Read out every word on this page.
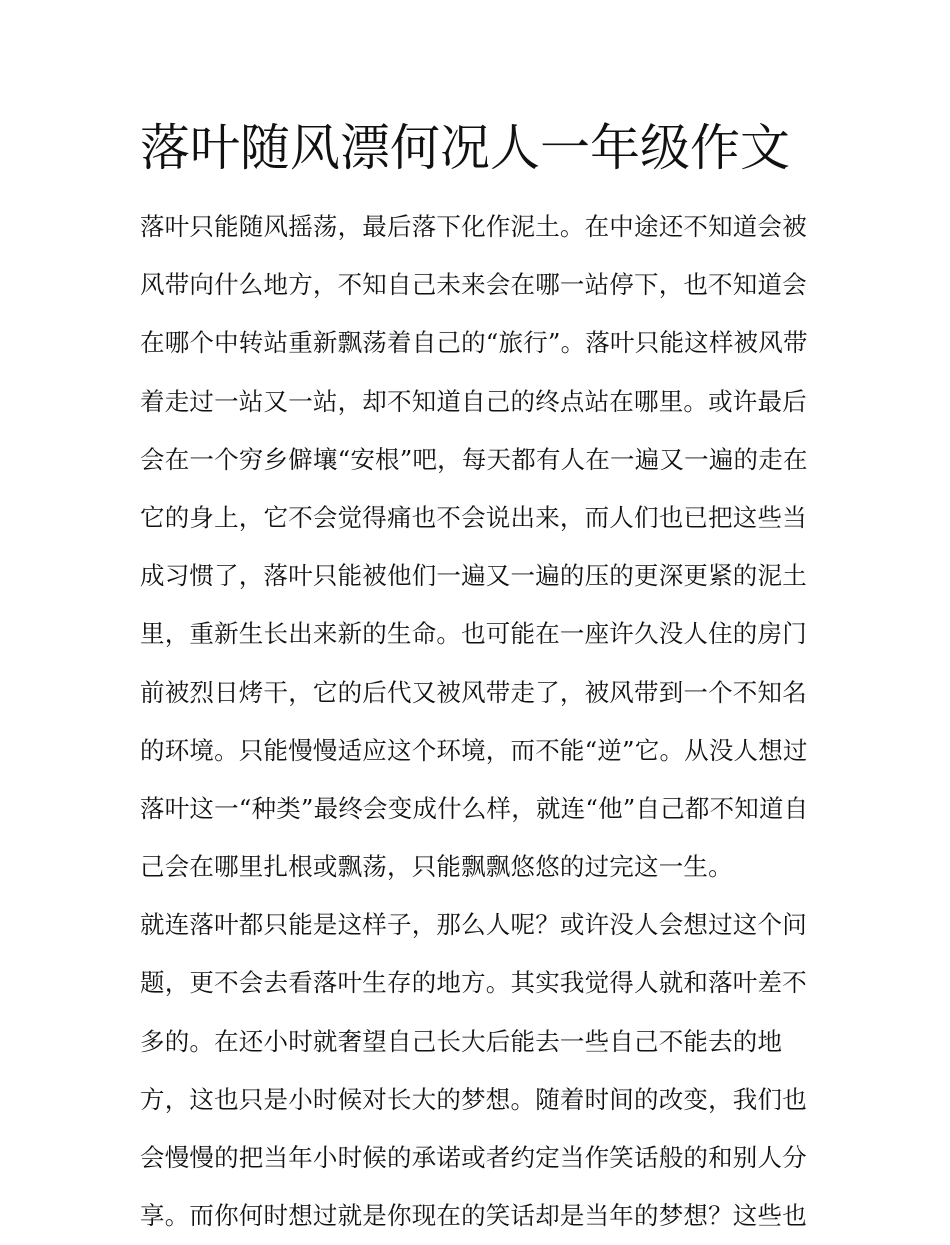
落叶随风漂何况人一年级作文
落叶只能随风摇荡，最后落下化作泥土。在中途还不知道会被
风带向什么地方，不知自己未来会在哪一站停下，也不知道会
在哪个中转站重新飘荡着自己的“旅行”。落叶只能这样被风带
着走过一站又一站，却不知道自己的终点站在哪里。或许最后
会在一个穷乡僻壤“安根”吧，每天都有人在一遍又一遍的走在
它的身上，它不会觉得痛也不会说出来，而人们也已把这些当
成习惯了，落叶只能被他们一遍又一遍的压的更深更紧的泥土
里，重新生长出来新的生命。也可能在一座许久没人住的房门
前被烈日烤干，它的后代又被风带走了，被风带到一个不知名
的环境。只能慢慢适应这个环境，而不能“逆”它。从没人想过
落叶这一“种类”最终会变成什么样，就连“他”自己都不知道自
己会在哪里扎根或飘荡，只能飘飘悠悠的过完这一生。
就连落叶都只能是这样子，那么人呢？或许没人会想过这个问
题，更不会去看落叶生存的地方。其实我觉得人就和落叶差不
多的。在还小时就奢望自己长大后能去一些自己不能去的地
方，这也只是小时候对长大的梦想。随着时间的改变，我们也
会慢慢的把当年小时候的承诺或者约定当作笑话般的和别人分
享。而你何时想过就是你现在的笑话却是当年的梦想？这些也
